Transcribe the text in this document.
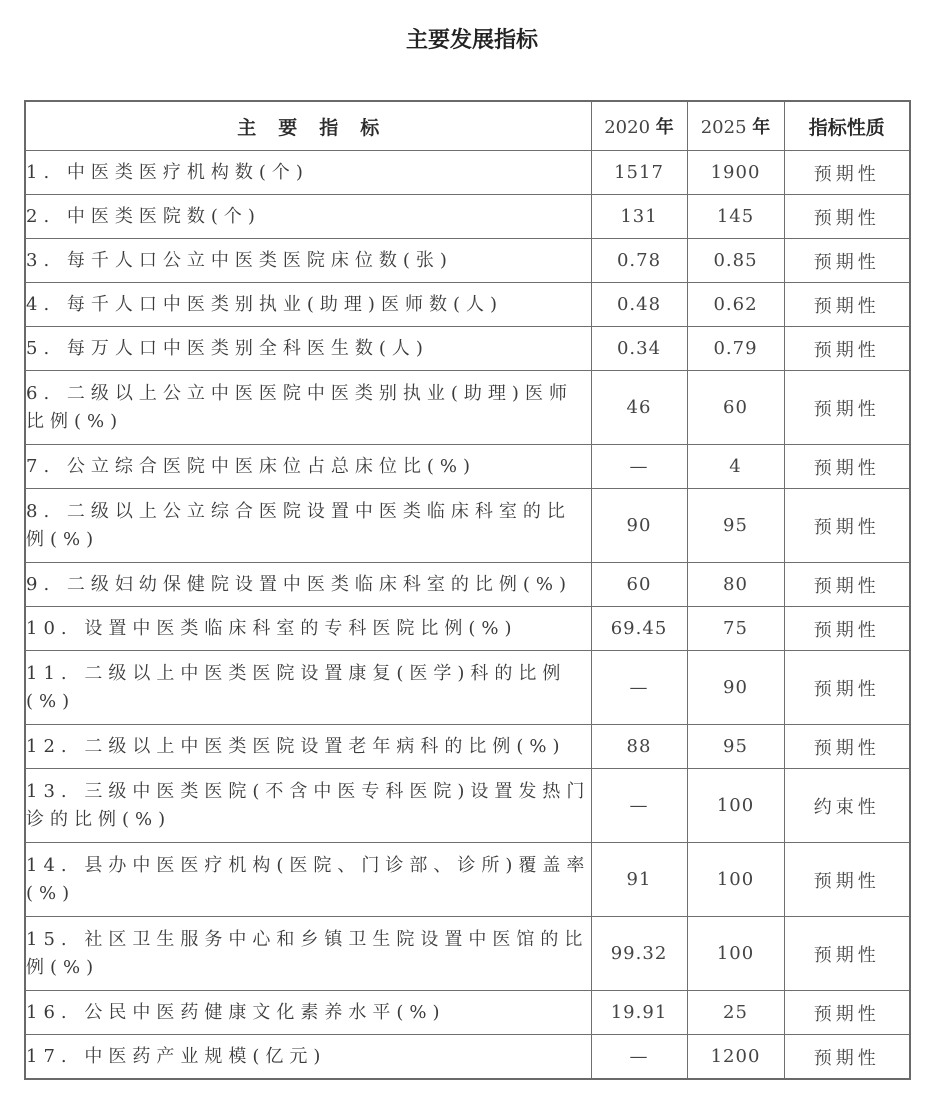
主要发展指标
主要指标	2020 年	2025 年	指标性质
1. 中医类医疗机构数(个)	1517	1900	预期性
2. 中医类医院数(个)	131	145	预期性
3. 每千人口公立中医类医院床位数(张)	0.78	0.85	预期性
4. 每千人口中医类别执业(助理)医师数(人)	0.48	0.62	预期性
5. 每万人口中医类别全科医生数(人)	0.34	0.79	预期性
6. 二级以上公立中医医院中医类别执业(助理)医师比例(%)	46	60	预期性
7. 公立综合医院中医床位占总床位比(%)	—	4	预期性
8. 二级以上公立综合医院设置中医类临床科室的比例(%)	90	95	预期性
9. 二级妇幼保健院设置中医类临床科室的比例(%)	60	80	预期性
10. 设置中医类临床科室的专科医院比例(%)	69.45	75	预期性
11. 二级以上中医类医院设置康复(医学)科的比例(%)	—	90	预期性
12. 二级以上中医类医院设置老年病科的比例(%)	88	95	预期性
13. 三级中医类医院(不含中医专科医院)设置发热门诊的比例(%)	—	100	约束性
14. 县办中医医疗机构(医院、门诊部、诊所)覆盖率(%)	91	100	预期性
15. 社区卫生服务中心和乡镇卫生院设置中医馆的比例(%)	99.32	100	预期性
16. 公民中医药健康文化素养水平(%)	19.91	25	预期性
17. 中医药产业规模(亿元)	—	1200	预期性
